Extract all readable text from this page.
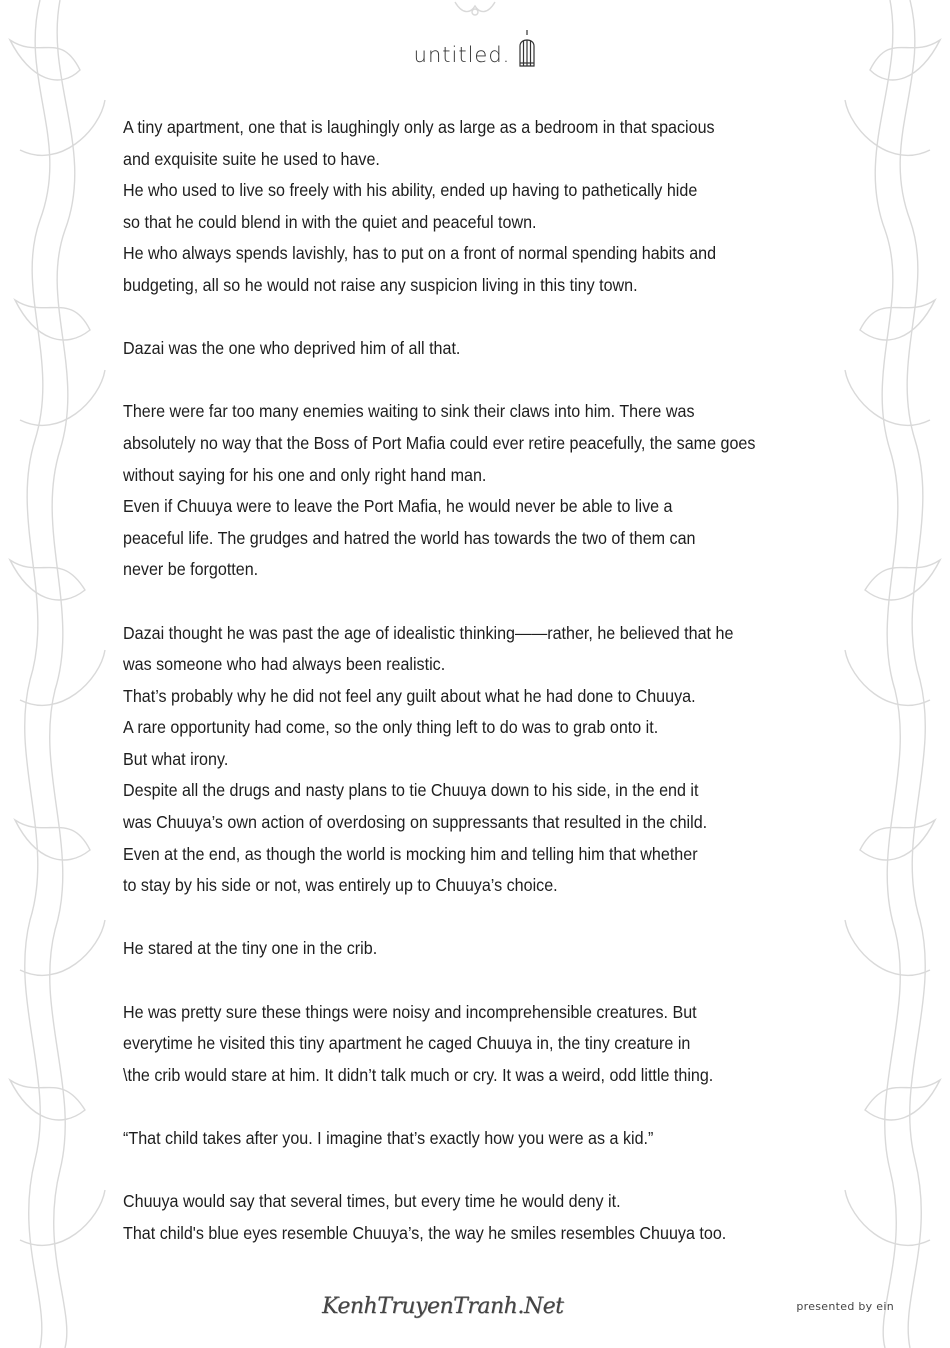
untitled.
A tiny apartment, one that is laughingly only as large as a bedroom in that spacious
and exquisite suite he used to have.
He who used to live so freely with his ability, ended up having to pathetically hide
so that he could blend in with the quiet and peaceful town.
He who always spends lavishly, has to put on a front of normal spending habits and
budgeting, all so he would not raise any suspicion living in this tiny town.
Dazai was the one who deprived him of all that.
There were far too many enemies waiting to sink their claws into him. There was
absolutely no way that the Boss of Port Mafia could ever retire peacefully, the same goes
without saying for his one and only right hand man.
Even if Chuuya were to leave the Port Mafia, he would never be able to live a
peaceful life. The grudges and hatred the world has towards the two of them can
never be forgotten.
Dazai thought he was past the age of idealistic thinking——rather, he believed that he
was someone who had always been realistic.
That’s probably why he did not feel any guilt about what he had done to Chuuya.
A rare opportunity had come, so the only thing left to do was to grab onto it.
But what irony.
Despite all the drugs and nasty plans to tie Chuuya down to his side, in the end it
was Chuuya’s own action of overdosing on suppressants that resulted in the child.
Even at the end, as though the world is mocking him and telling him that whether
to stay by his side or not, was entirely up to Chuuya’s choice.
He stared at the tiny one in the crib.
He was pretty sure these things were noisy and incomprehensible creatures. But
everytime he visited this tiny apartment he caged Chuuya in, the tiny creature in
\the crib would stare at him. It didn’t talk much or cry. It was a weird, odd little thing.
“That child takes after you. I imagine that’s exactly how you were as a kid.”
Chuuya would say that several times, but every time he would deny it.
That child's blue eyes resemble Chuuya’s, the way he smiles resembles Chuuya too.
KenhTruyenTranh.Net	presented by ein
